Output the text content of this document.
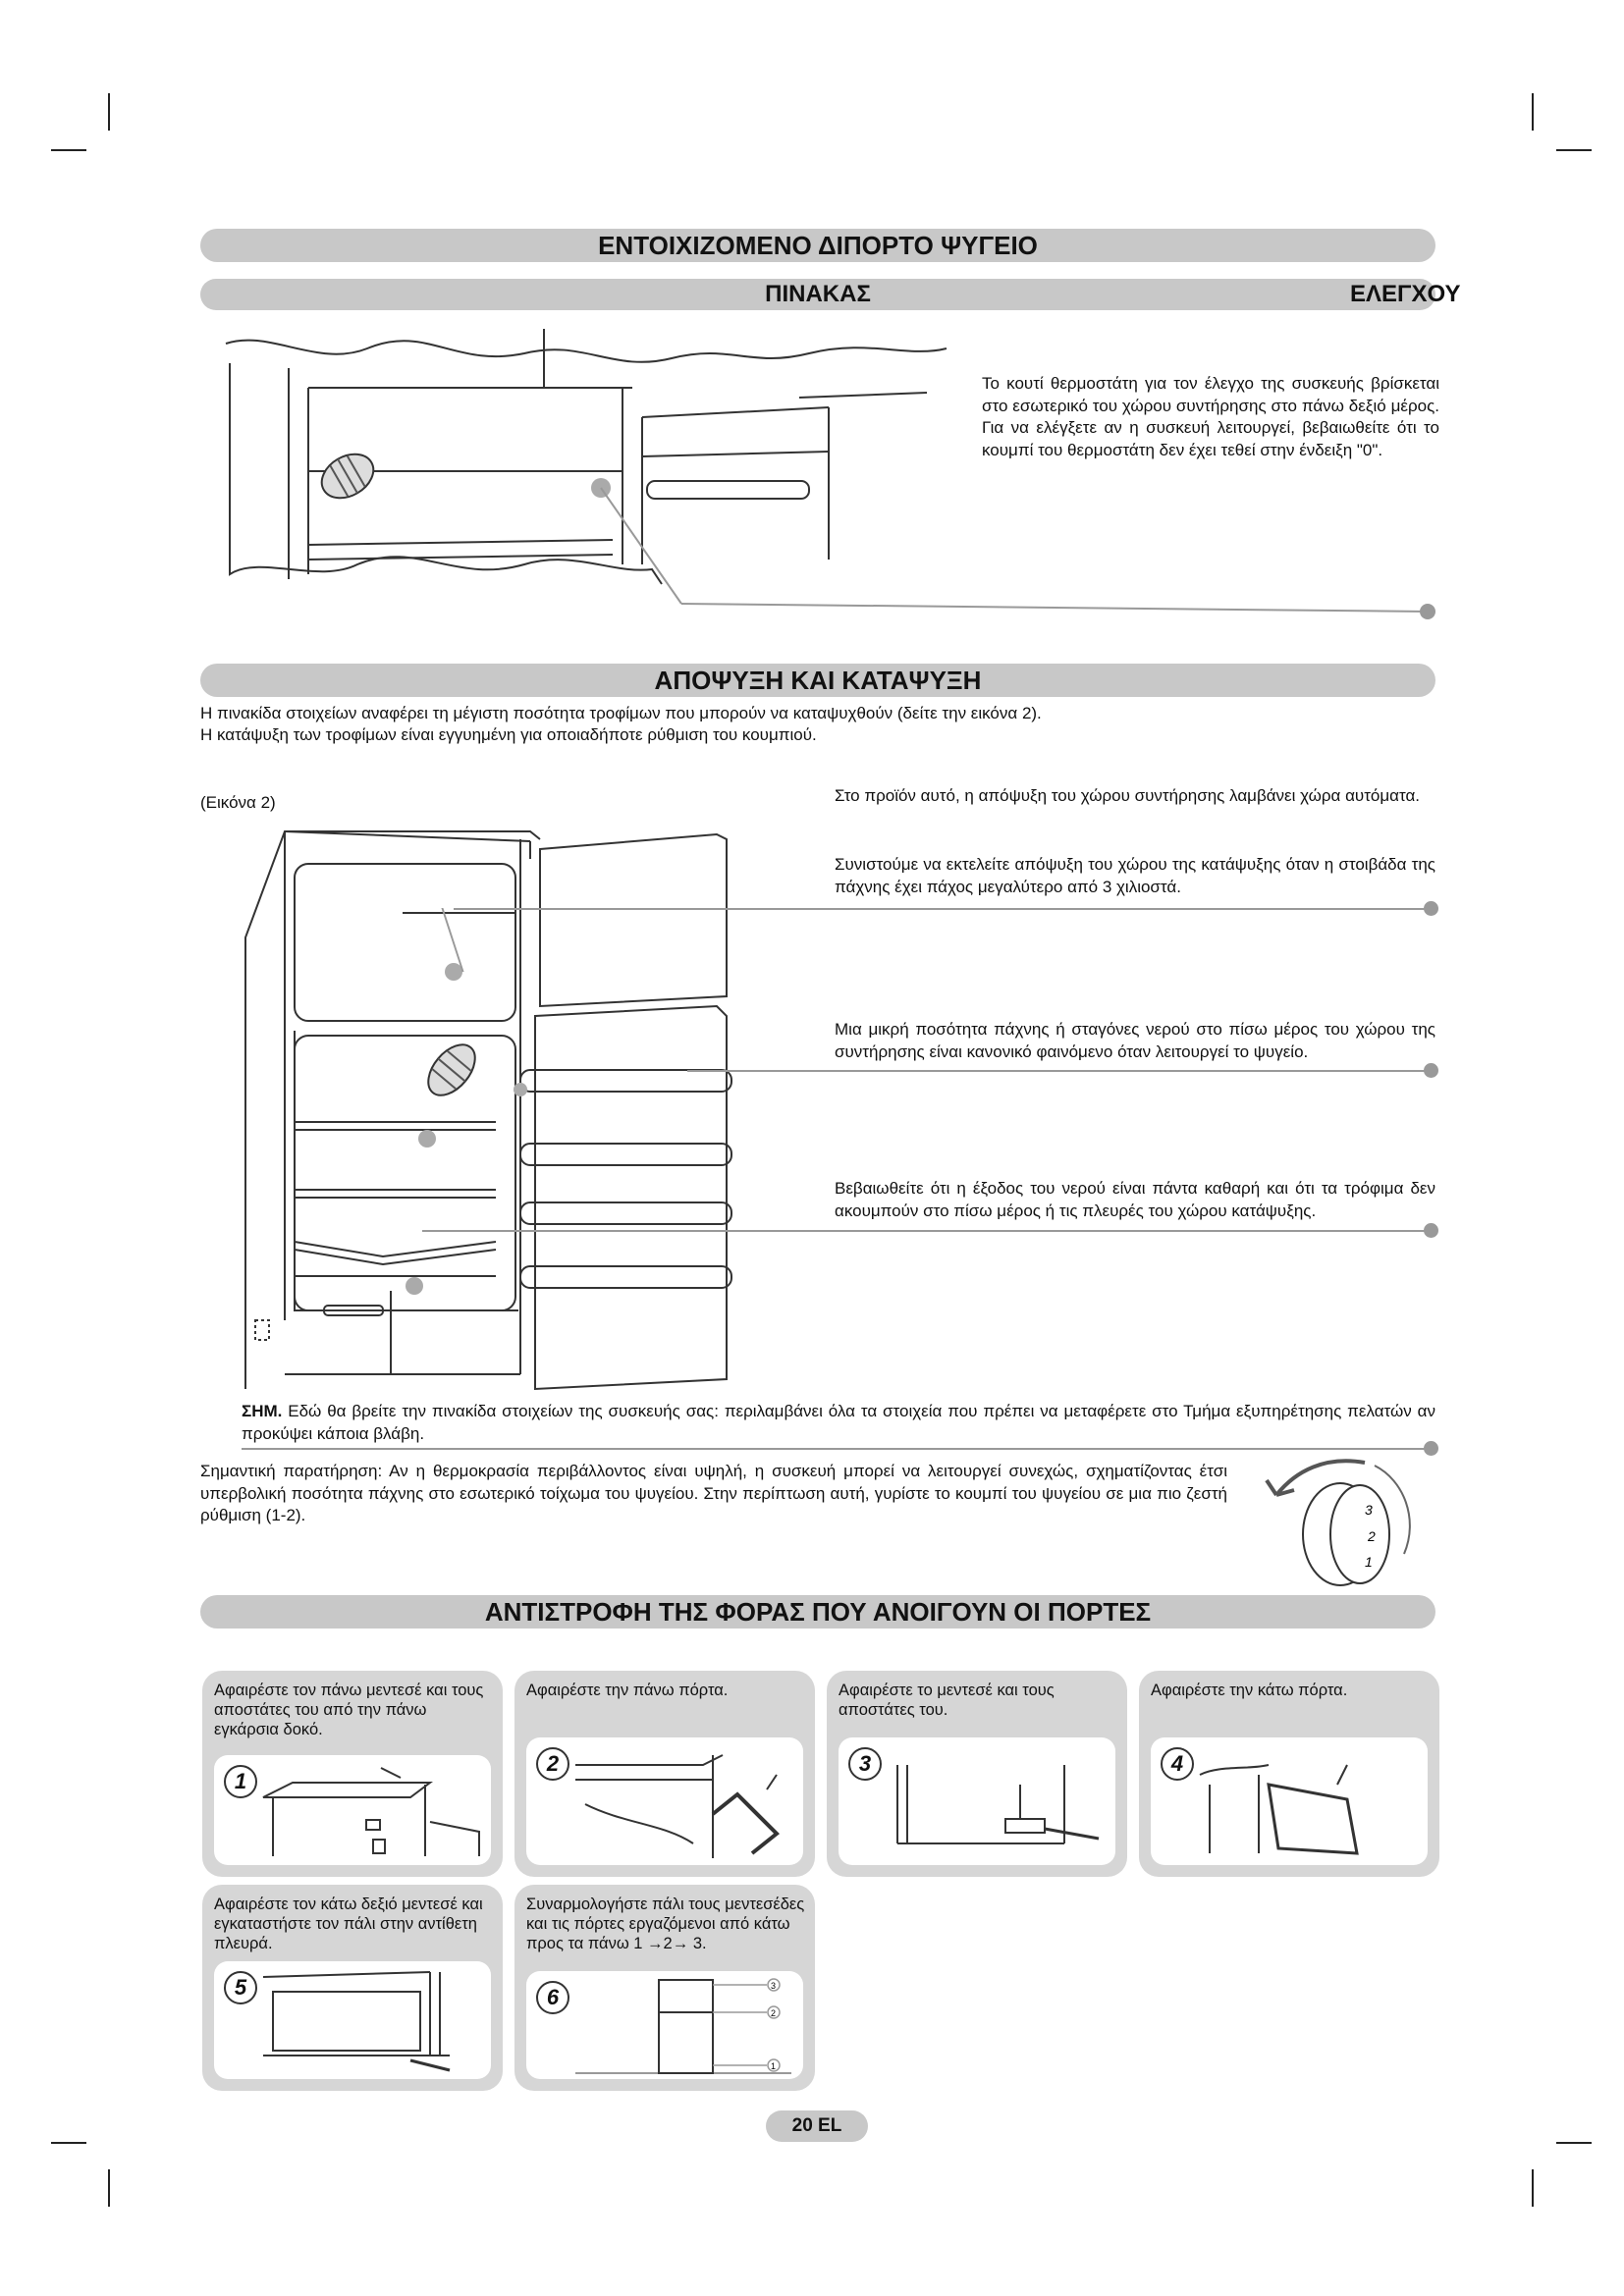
ΕΝΤΟΙΧΙΖΟΜΕΝΟ ΔΙΠΟΡΤΟ ΨΥΓΕΙΟ
ΠΙΝΑΚΑΣ	ΕΛΕΓΧΟΥ
Το κουτί θερμοστάτη για τον έλεγχο της συσκευής βρίσκεται στο εσωτερικό του χώρου συντήρησης στο πάνω δεξιό μέρος. Για να ελέγξετε αν η συσκευή λειτουργεί, βεβαιωθείτε ότι το κουμπί του θερμοστάτη δεν έχει τεθεί στην ένδειξη "0".
ΑΠΟΨΥΞΗ ΚΑΙ ΚΑΤΑΨΥΞΗ
Η πινακίδα στοιχείων αναφέρει τη μέγιστη ποσότητα τροφίμων που μπορούν να καταψυχθούν (δείτε την εικόνα 2).
Η κατάψυξη των τροφίμων είναι εγγυημένη για οποιαδήποτε ρύθμιση του κουμπιού.
(Εικόνα 2)	Στο προϊόν αυτό, η απόψυξη του χώρου συντήρησης λαμβάνει χώρα αυτόματα.
Συνιστούμε να εκτελείτε απόψυξη του χώρου της κατάψυξης όταν η στοιβάδα της πάχνης έχει πάχος μεγαλύτερο από 3 χιλιοστά.
Μια μικρή ποσότητα πάχνης ή σταγόνες νερού στο πίσω μέρος του χώρου της συντήρησης είναι κανονικό φαινόμενο όταν λειτουργεί το ψυγείο.
Βεβαιωθείτε ότι η έξοδος του νερού είναι πάντα καθαρή και ότι τα τρόφιμα δεν ακουμπούν στο πίσω μέρος ή τις πλευρές του χώρου κατάψυξης.
ΣΗΜ. Εδώ θα βρείτε την πινακίδα στοιχείων της συσκευής σας: περιλαμβάνει όλα τα στοιχεία που πρέπει να μεταφέρετε στο Τμήμα εξυπηρέτησης πελατών αν προκύψει κάποια βλάβη.
Σημαντική παρατήρηση: Αν η θερμοκρασία περιβάλλοντος είναι υψηλή, η συσκευή μπορεί να λειτουργεί συνεχώς, σχηματίζοντας έτσι υπερβολική ποσότητα πάχνης στο εσωτερικό τοίχωμα του ψυγείου. Στην περίπτωση αυτή, γυρίστε το κουμπί του ψυγείου σε μια πιο ζεστή ρύθμιση (1-2).	3
2
1
ΑΝΤΙΣΤΡΟΦΗ ΤΗΣ ΦΟΡΑΣ ΠΟΥ ΑΝΟΙΓΟΥΝ ΟΙ ΠΟΡΤΕΣ
Αφαιρέστε τον πάνω μεντεσέ και τους αποστάτες του από την πάνω εγκάρσια δοκό.
1
Αφαιρέστε την πάνω πόρτα.
2
Αφαιρέστε το μεντεσέ και τους αποστάτες του.
3
Αφαιρέστε την κάτω πόρτα.
4
Αφαιρέστε τον κάτω δεξιό μεντεσέ και εγκαταστήστε τον πάλι στην αντίθετη πλευρά.
5
Συναρμολογήστε πάλι τους μεντεσέδες και τις πόρτες εργαζόμενοι από κάτω προς τα πάνω 1 →2→ 3.
6	3
2
1
20 EL
